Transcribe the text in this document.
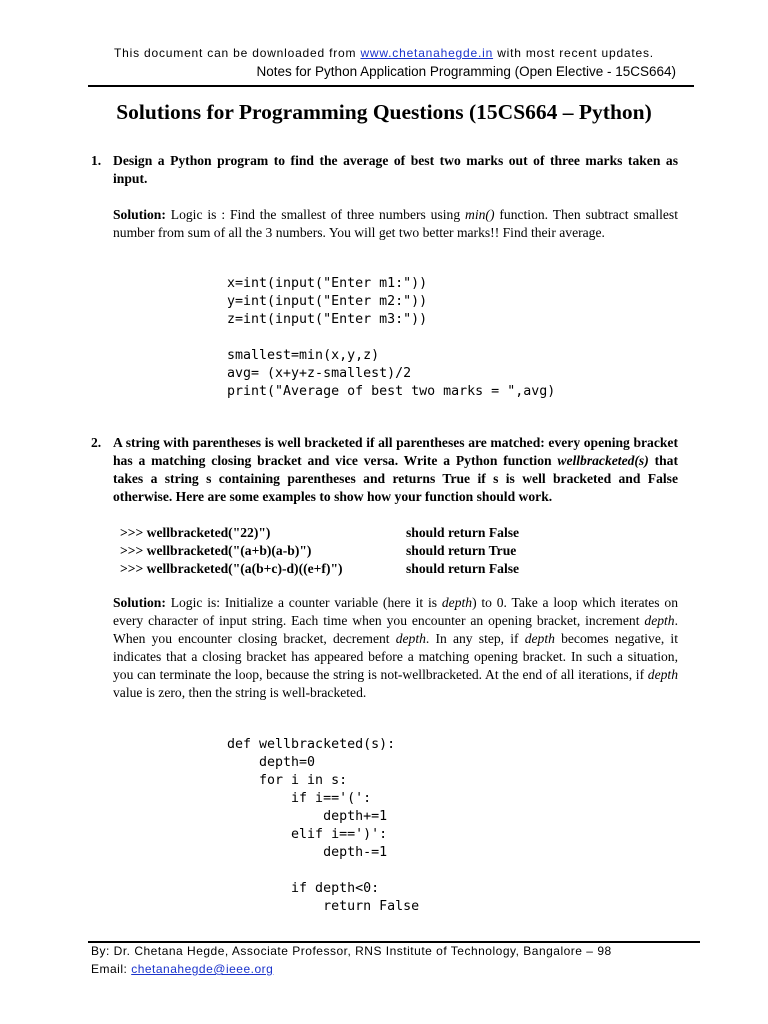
This document can be downloaded from www.chetanahegde.in with most recent updates.
Notes for Python Application Programming (Open Elective - 15CS664)
Solutions for Programming Questions (15CS664 – Python)
1. Design a Python program to find the average of best two marks out of three marks taken as input.
Solution: Logic is : Find the smallest of three numbers using min() function. Then subtract smallest number from sum of all the 3 numbers. You will get two better marks!! Find their average.
x=int(input("Enter m1:"))
y=int(input("Enter m2:"))
z=int(input("Enter m3:"))

smallest=min(x,y,z)
avg= (x+y+z-smallest)/2
print("Average of best two marks = ",avg)
2. A string with parentheses is well bracketed if all parentheses are matched: every opening bracket has a matching closing bracket and vice versa. Write a Python function wellbracketed(s) that takes a string s containing parentheses and returns True if s is well bracketed and False otherwise. Here are some examples to show how your function should work.
>>> wellbracketed("22)")	should return False
>>> wellbracketed("(a+b)(a-b)")	should return True
>>> wellbracketed("(a(b+c)-d)((e+f)")	should return False
Solution: Logic is: Initialize a counter variable (here it is depth) to 0. Take a loop which iterates on every character of input string. Each time when you encounter an opening bracket, increment depth. When you encounter closing bracket, decrement depth. In any step, if depth becomes negative, it indicates that a closing bracket has appeared before a matching opening bracket. In such a situation, you can terminate the loop, because the string is not-wellbracketed. At the end of all iterations, if depth value is zero, then the string is well-bracketed.
def wellbracketed(s):
depth=0
for i in s:
if i=='(':
depth+=1
elif i==')':
depth-=1

if depth<0:
return False
By: Dr. Chetana Hegde, Associate Professor, RNS Institute of Technology, Bangalore – 98
Email: chetanahegde@ieee.org
